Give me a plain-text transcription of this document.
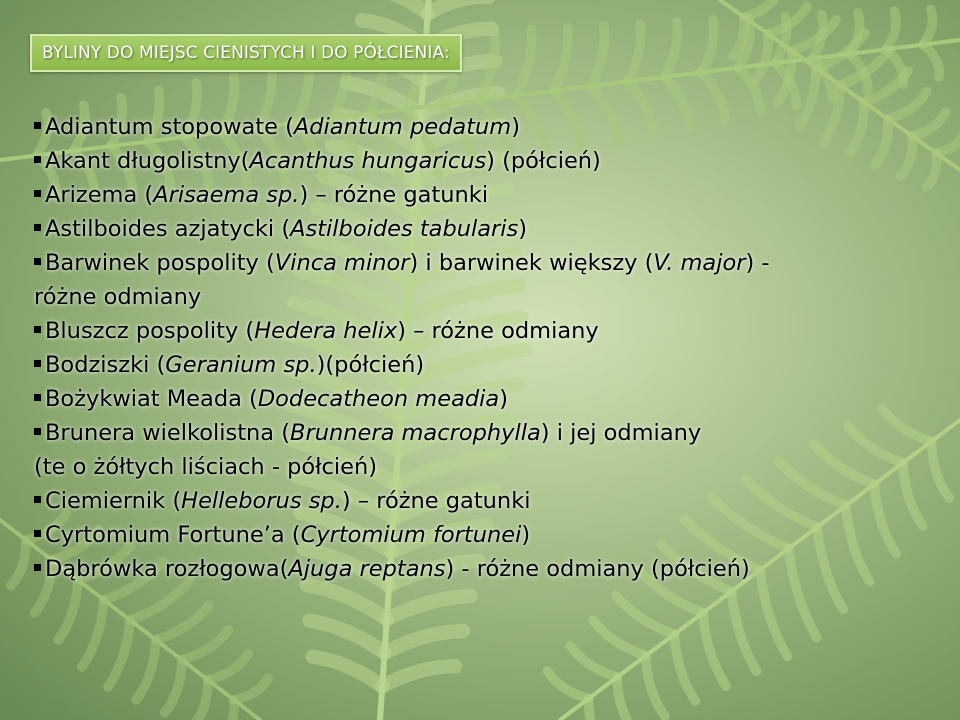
BYLINY DO MIEJSC CIENISTYCH I DO PÓŁCIENIA:
Adiantum stopowate (Adiantum pedatum)
Akant długolistny(Acanthus hungaricus) (półcień)
Arizema (Arisaema sp.) – różne gatunki
Astilboides azjatycki (Astilboides tabularis)
Barwinek pospolity (Vinca minor) i barwinek większy (V. major) -
różne odmiany
Bluszcz pospolity (Hedera helix) – różne odmiany
Bodziszki (Geranium sp.)(półcień)
Bożykwiat Meada (Dodecatheon meadia)
Brunera wielkolistna (Brunnera macrophylla) i jej odmiany
(te o żółtych liściach - półcień)
Ciemiernik (Helleborus sp.) – różne gatunki
Cyrtomium Fortune’a (Cyrtomium fortunei)
Dąbrówka rozłogowa(Ajuga reptans) - różne odmiany (półcień)
